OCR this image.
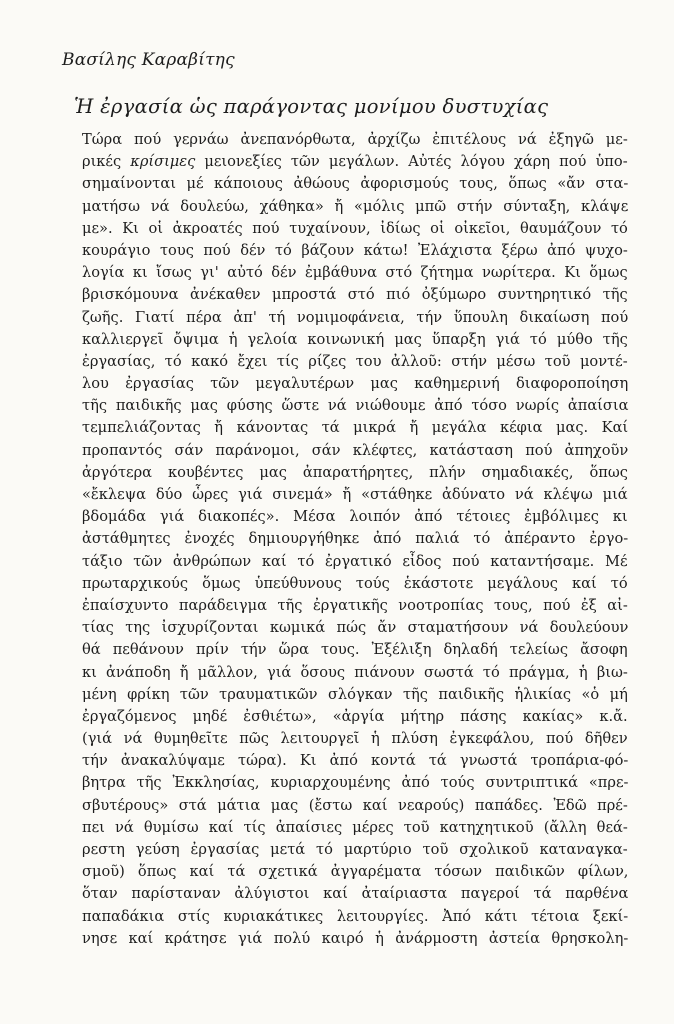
Βασίλης Καραβίτης
Ἡ ἐργασία ὡς παράγοντας μονίμου δυστυχίας
Τώρα πού γερνάω ἀνεπανόρθωτα, ἀρχίζω ἐπιτέλους νά ἐξηγῶ με-
ρικές κρίσιμες μειονεξίες τῶν μεγάλων. Αὐτές λόγου χάρη πού ὑπο-
σημαίνονται μέ κάποιους ἀθώους ἀφορισμούς τους, ὅπως «ἄν στα-
ματήσω νά δουλεύω, χάθηκα» ἤ «μόλις μπῶ στήν σύνταξη, κλάψε
με». Κι οἱ ἀκροατές πού τυχαίνουν, ἰδίως οἱ οἰκεῖοι, θαυμάζουν τό
κουράγιο τους πού δέν τό βάζουν κάτω! Ἐλάχιστα ξέρω ἀπό ψυχο-
λογία κι ἴσως γι' αὐτό δέν ἐμβάθυνα στό ζήτημα νωρίτερα. Κι ὅμως
βρισκόμουνα ἀνέκαθεν μπροστά στό πιό ὀξύμωρο συντηρητικό τῆς
ζωῆς. Γιατί πέρα ἀπ' τή νομιμοφάνεια, τήν ὕπουλη δικαίωση πού
καλλιεργεῖ ὄψιμα ἡ γελοία κοινωνική μας ὕπαρξη γιά τό μύθο τῆς
ἐργασίας, τό κακό ἔχει τίς ρίζες του ἀλλοῦ: στήν μέσω τοῦ μοντέ-
λου ἐργασίας τῶν μεγαλυτέρων μας καθημερινή διαφοροποίηση
τῆς παιδικῆς μας φύσης ὥστε νά νιώθουμε ἀπό τόσο νωρίς ἀπαίσια
τεμπελιάζοντας ἤ κάνοντας τά μικρά ἤ μεγάλα κέφια μας. Καί
προπαντός σάν παράνομοι, σάν κλέφτες, κατάσταση πού ἀπηχοῦν
ἀργότερα κουβέντες μας ἀπαρατήρητες, πλήν σημαδιακές, ὅπως
«ἔκλεψα δύο ὧρες γιά σινεμά» ἤ «στάθηκε ἀδύνατο νά κλέψω μιά
βδομάδα γιά διακοπές». Μέσα λοιπόν ἀπό τέτοιες ἐμβόλιμες κι
ἀστάθμητες ἐνοχές δημιουργήθηκε ἀπό παλιά τό ἀπέραντο ἐργο-
τάξιο τῶν ἀνθρώπων καί τό ἐργατικό εἶδος πού καταντήσαμε. Μέ
πρωταρχικούς ὅμως ὑπεύθυνους τούς ἑκάστοτε μεγάλους καί τό
ἐπαίσχυντο παράδειγμα τῆς ἐργατικῆς νοοτροπίας τους, πού ἐξ αἰ-
τίας της ἰσχυρίζονται κωμικά πώς ἄν σταματήσουν νά δουλεύουν
θά πεθάνουν πρίν τήν ὥρα τους. Ἐξέλιξη δηλαδή τελείως ἄσοφη
κι ἀνάποδη ἤ μᾶλλον, γιά ὅσους πιάνουν σωστά τό πράγμα, ἡ βιω-
μένη φρίκη τῶν τραυματικῶν σλόγκαν τῆς παιδικῆς ἡλικίας «ὁ μή
ἐργαζόμενος μηδέ ἐσθιέτω», «ἀργία μήτηρ πάσης κακίας» κ.ἄ.
(γιά νά θυμηθεῖτε πῶς λειτουργεῖ ἡ πλύση ἐγκεφάλου, πού δῆθεν
τήν ἀνακαλύψαμε τώρα). Κι ἀπό κοντά τά γνωστά τροπάρια-φό-
βητρα τῆς Ἐκκλησίας, κυριαρχουμένης ἀπό τούς συντριπτικά «πρε-
σβυτέρους» στά μάτια μας (ἔστω καί νεαρούς) παπάδες. Ἐδῶ πρέ-
πει νά θυμίσω καί τίς ἀπαίσιες μέρες τοῦ κατηχητικοῦ (ἄλλη θεά-
ρεστη γεύση ἐργασίας μετά τό μαρτύριο τοῦ σχολικοῦ καταναγκα-
σμοῦ) ὅπως καί τά σχετικά ἀγγαρέματα τόσων παιδικῶν φίλων,
ὅταν παρίσταναν ἀλύγιστοι καί ἀταίριαστα παγεροί τά παρθένα
παπαδάκια στίς κυριακάτικες λειτουργίες. Ἀπό κάτι τέτοια ξεκί-
νησε καί κράτησε γιά πολύ καιρό ἡ ἀνάρμοστη ἀστεία θρησκολη-
